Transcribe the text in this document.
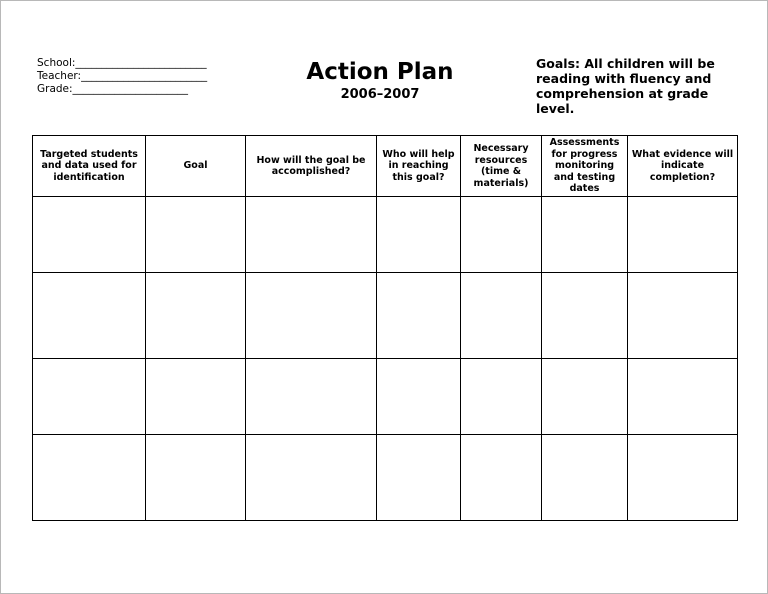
School:_________________________
Teacher:________________________
Grade:______________________
Action Plan
2006–2007
Goals: All children will be reading with fluency and comprehension at grade level.
Targeted students and data used for identification	Goal	How will the goal be accomplished?	Who will help in reaching this goal?	Necessary resources (time & materials)	Assessments for progress monitoring and testing dates	What evidence will indicate completion?
